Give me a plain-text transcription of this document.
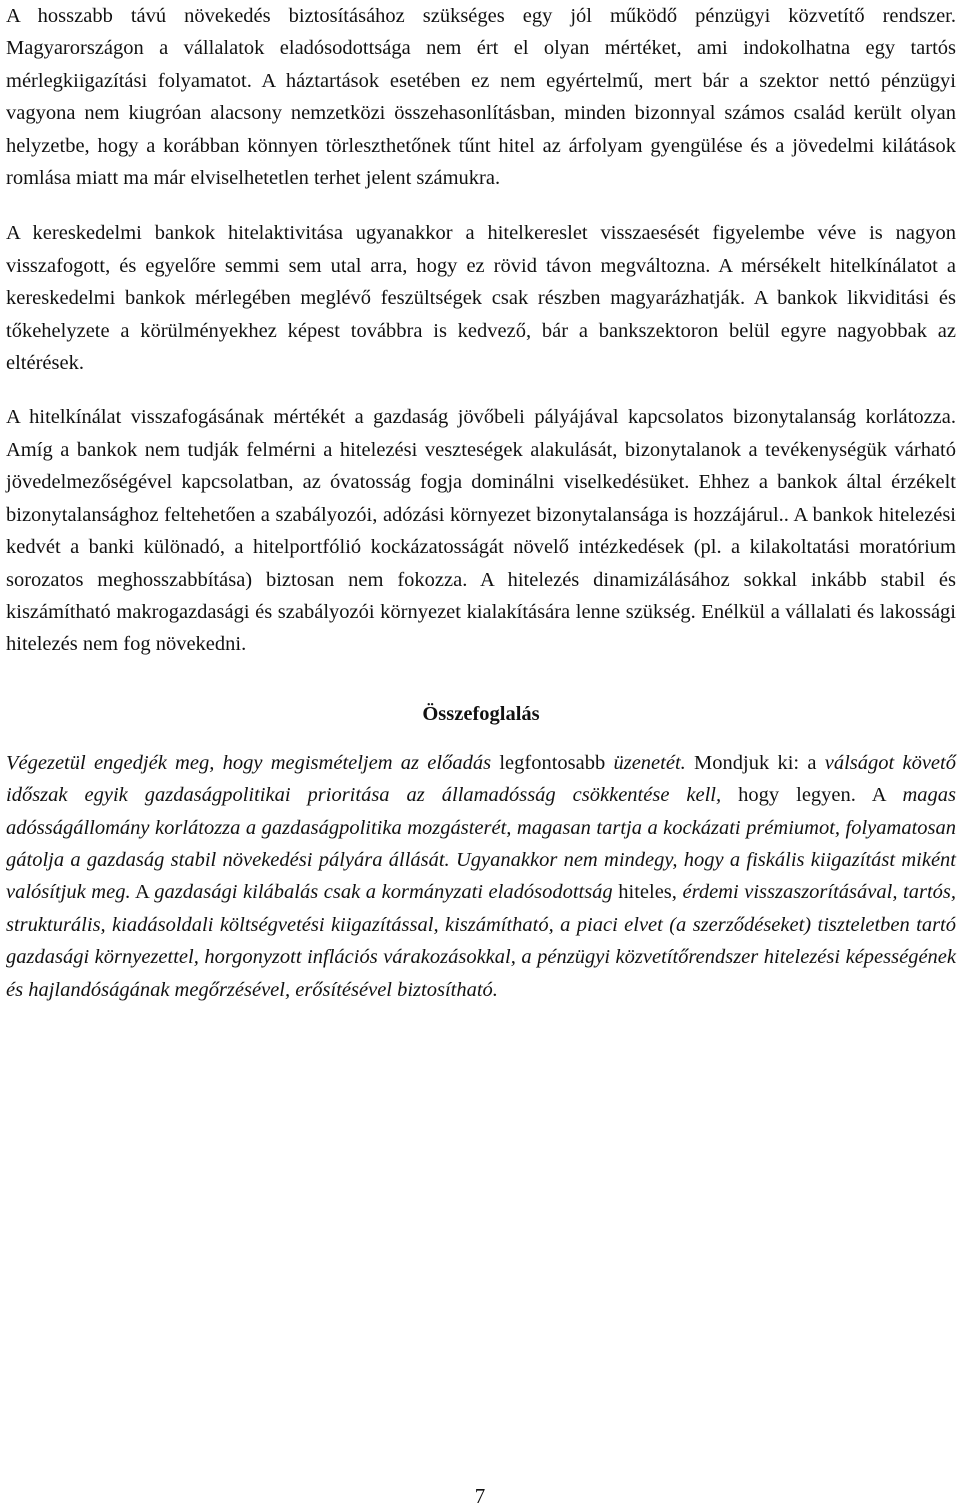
A hosszabb távú növekedés biztosításához szükséges egy jól működő pénzügyi közvetítő rendszer. Magyarországon a vállalatok eladósodottsága nem ért el olyan mértéket, ami indokolhatna egy tartós mérlegkiigazítási folyamatot. A háztartások esetében ez nem egyértelmű, mert bár a szektor nettó pénzügyi vagyona nem kiugróan alacsony nemzetközi összehasonlításban, minden bizonnyal számos család került olyan helyzetbe, hogy a korábban könnyen törleszthetőnek tűnt hitel az árfolyam gyengülése és a jövedelmi kilátások romlása miatt ma már elviselhetetlen terhet jelent számukra.

A kereskedelmi bankok hitelaktivitása ugyanakkor a hitelkereslet visszaesését figyelembe véve is nagyon visszafogott, és egyelőre semmi sem utal arra, hogy ez rövid távon megváltozna. A mérsékelt hitelkínálatot a kereskedelmi bankok mérlegében meglévő feszültségek csak részben magyarázhatják. A bankok likviditási és tőkehelyzete a körülményekhez képest továbbra is kedvező, bár a bankszektoron belül egyre nagyobbak az eltérések.

A hitelkínálat visszafogásának mértékét a gazdaság jövőbeli pályájával kapcsolatos bizonytalanság korlátozza. Amíg a bankok nem tudják felmérni a hitelezési veszteségek alakulását, bizonytalanok a tevékenységük várható jövedelmezőségével kapcsolatban, az óvatosság fogja dominálni viselkedésüket. Ehhez a bankok által érzékelt bizonytalansághoz feltehetően a szabályozói, adózási környezet bizonytalansága is hozzájárul.. A bankok hitelezési kedvét a banki különadó, a hitelportfólió kockázatosságát növelő intézkedések (pl. a kilakoltatási moratórium sorozatos meghosszabbítása) biztosan nem fokozza. A hitelezés dinamizálásához sokkal inkább stabil és kiszámítható makrogazdasági és szabályozói környezet kialakítására lenne szükség. Enélkül a vállalati és lakossági hitelezés nem fog növekedni.

Összefoglalás

Végezetül engedjék meg, hogy megismételjem az előadás legfontosabb üzenetét. Mondjuk ki: a válságot követő időszak egyik gazdaságpolitikai prioritása az államadósság csökkentése kell, hogy legyen. A magas adósságállomány korlátozza a gazdaságpolitika mozgásterét, magasan tartja a kockázati prémiumot, folyamatosan gátolja a gazdaság stabil növekedési pályára állását. Ugyanakkor nem mindegy, hogy a fiskális kiigazítást miként valósítjuk meg. A gazdasági kilábalás csak a kormányzati eladósodottság hiteles, érdemi visszaszorításával, tartós, strukturális, kiadásoldali költségvetési kiigazítással, kiszámítható, a piaci elvet (a szerződéseket) tiszteletben tartó gazdasági környezettel, horgonyzott inflációs várakozásokkal, a pénzügyi közvetítőrendszer hitelezési képességének és hajlandóságának megőrzésével, erősítésével biztosítható.

7
